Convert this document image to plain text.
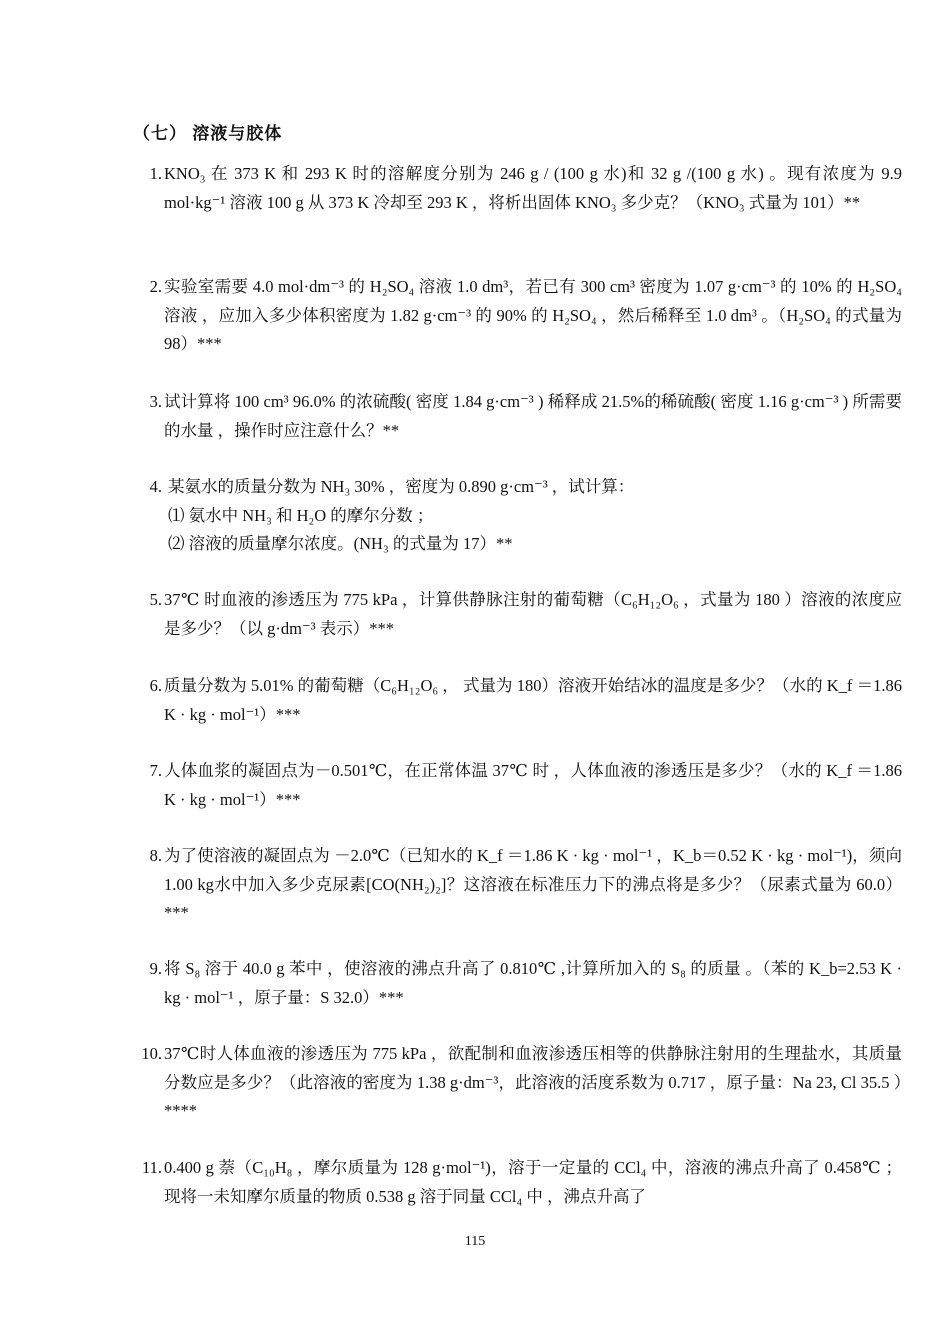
（七） 溶液与胶体
1. KNO₃ 在 373 K 和 293 K 时的溶解度分别为 246 g / (100 g 水)和 32 g /(100 g 水) 。现有浓度为 9.9 mol·kg⁻¹ 溶液 100 g 从 373 K 冷却至 293 K ，将析出固体 KNO₃ 多少克？（KNO₃ 式量为 101）**
2. 实验室需要 4.0 mol·dm⁻³ 的 H₂SO₄ 溶液 1.0 dm³，若已有 300 cm³ 密度为 1.07 g·cm⁻³ 的 10% 的 H₂SO₄ 溶液 ，应加入多少体积密度为 1.82 g·cm⁻³ 的 90% 的 H₂SO₄ ，然后稀释至 1.0 dm³ 。（H₂SO₄ 的式量为 98）***
3. 试计算将 100 cm³ 96.0% 的浓硫酸( 密度 1.84 g·cm⁻³ ) 稀释成 21.5%的稀硫酸( 密度 1.16 g·cm⁻³ ) 所需要的水量 ，操作时应注意什么？**
4. 某氨水的质量分数为 NH₃ 30% ，密度为 0.890 g·cm⁻³ ，试计算：
⑴ 氨水中 NH₃ 和 H₂O 的摩尔分数 ；
⑵ 溶液的质量摩尔浓度。(NH₃ 的式量为 17）**
5. 37℃ 时血液的渗透压为 775 kPa ，计算供静脉注射的葡萄糖（C₆H₁₂O₆ ，式量为 180 ）溶液的浓度应是多少？（以 g·dm⁻³ 表示）***
6. 质量分数为 5.01% 的葡萄糖（C₆H₁₂O₆ ， 式量为 180）溶液开始结冰的温度是多少？（水的 K_f ＝1.86 K · kg · mol⁻¹）***
7. 人体血浆的凝固点为－0.501℃，在正常体温 37℃ 时 ，人体血液的渗透压是多少？（水的 K_f ＝1.86 K · kg · mol⁻¹）***
8. 为了使溶液的凝固点为 －2.0℃（已知水的 K_f ＝1.86 K · kg · mol⁻¹ ，K_b＝0.52 K · kg · mol⁻¹)，须向 1.00 kg水中加入多少克尿素[CO(NH₂)₂]？这溶液在标准压力下的沸点将是多少？（尿素式量为 60.0）***
9. 将 S₈ 溶于 40.0 g 苯中 ，使溶液的沸点升高了 0.810℃ ,计算所加入的 S₈ 的质量 。（苯的 K_b=2.53 K · kg · mol⁻¹ ，原子量：S 32.0）***
10. 37℃时人体血液的渗透压为 775 kPa ，欲配制和血液渗透压相等的供静脉注射用的生理盐水，其质量分数应是多少？（此溶液的密度为 1.38 g·dm⁻³，此溶液的活度系数为 0.717 ，原子量：Na 23, Cl 35.5 ）****
11. 0.400 g 萘（C₁₀H₈ ，摩尔质量为 128 g·mol⁻¹)，溶于一定量的 CCl₄ 中，溶液的沸点升高了 0.458℃ ；现将一未知摩尔质量的物质 0.538 g 溶于同量 CCl₄ 中 ，沸点升高了
115
